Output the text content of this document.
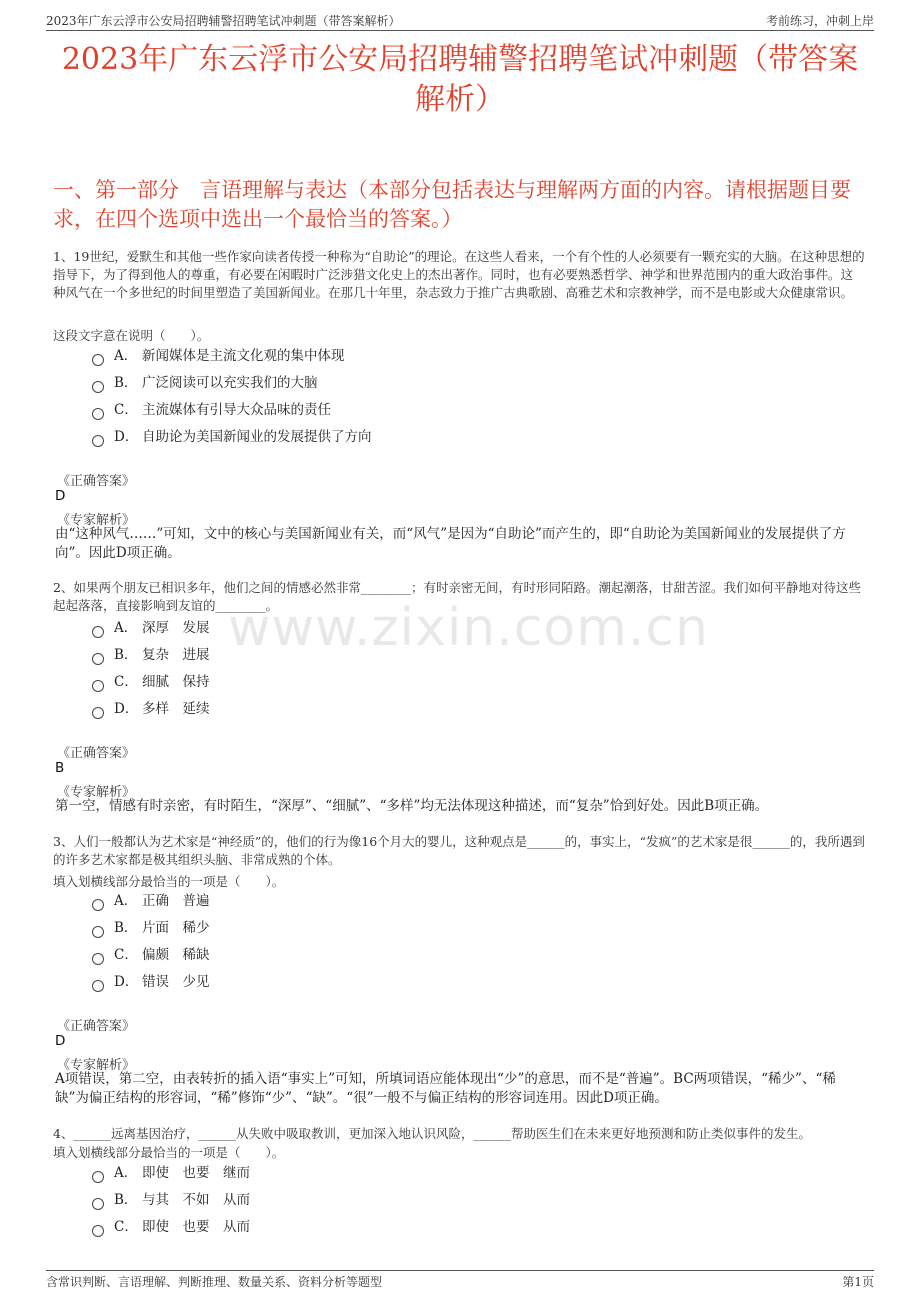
2023年广东云浮市公安局招聘辅警招聘笔试冲刺题（带答案解析）	考前练习，冲刺上岸
2023年广东云浮市公安局招聘辅警招聘笔试冲刺题（带答案解析）
一、第一部分　言语理解与表达（本部分包括表达与理解两方面的内容。请根据题目要求，在四个选项中选出一个最恰当的答案。）
www.zixin.com.cn
1、19世纪，爱默生和其他一些作家向读者传授一种称为“自助论”的理论。在这些人看来，一个有个性的人必须要有一颗充实的大脑。在这种思想的指导下，为了得到他人的尊重，有必要在闲暇时广泛涉猎文化史上的杰出著作。同时，也有必要熟悉哲学、神学和世界范围内的重大政治事件。这种风气在一个多世纪的时间里塑造了美国新闻业。在那几十年里，杂志致力于推广古典歌剧、高雅艺术和宗教神学，而不是电影或大众健康常识。
这段文字意在说明（　　）。
A． 新闻媒体是主流文化观的集中体现
B． 广泛阅读可以充实我们的大脑
C． 主流媒体有引导大众品味的责任
D． 自助论为美国新闻业的发展提供了方向
《正确答案》
D
《专家解析》
由“这种风气……”可知，文中的核心与美国新闻业有关，而“风气”是因为“自助论”而产生的，即“自助论为美国新闻业的发展提供了方向”。因此D项正确。
2、如果两个朋友已相识多年，他们之间的情感必然非常________；有时亲密无间，有时形同陌路。潮起潮落，甘甜苦涩。我们如何平静地对待这些起起落落，直接影响到友谊的________。
A． 深厚　发展
B． 复杂　进展
C． 细腻　保持
D． 多样　延续
《正确答案》
B
《专家解析》
第一空，情感有时亲密，有时陌生，“深厚”、“细腻”、“多样”均无法体现这种描述，而“复杂”恰到好处。因此B项正确。
3、人们一般都认为艺术家是“神经质”的，他们的行为像16个月大的婴儿，这种观点是______的，事实上，“发疯”的艺术家是很______的，我所遇到的许多艺术家都是极其组织头脑、非常成熟的个体。
填入划横线部分最恰当的一项是（　　）。
A． 正确　普遍
B． 片面　稀少
C． 偏颇　稀缺
D． 错误　少见
《正确答案》
D
《专家解析》
A项错误，第二空，由表转折的插入语“事实上”可知，所填词语应能体现出“少”的意思，而不是“普遍”。BC两项错误，“稀少”、“稀缺”为偏正结构的形容词，“稀”修饰“少”、“缺”。“很”一般不与偏正结构的形容词连用。因此D项正确。
4、______远离基因治疗，______从失败中吸取教训，更加深入地认识风险，______帮助医生们在未来更好地预测和防止类似事件的发生。
填入划横线部分最恰当的一项是（　　）。
A． 即使　也要　继而
B． 与其　不如　从而
C． 即使　也要　从而
含常识判断、言语理解、判断推理、数量关系、资料分析等题型	第1页
